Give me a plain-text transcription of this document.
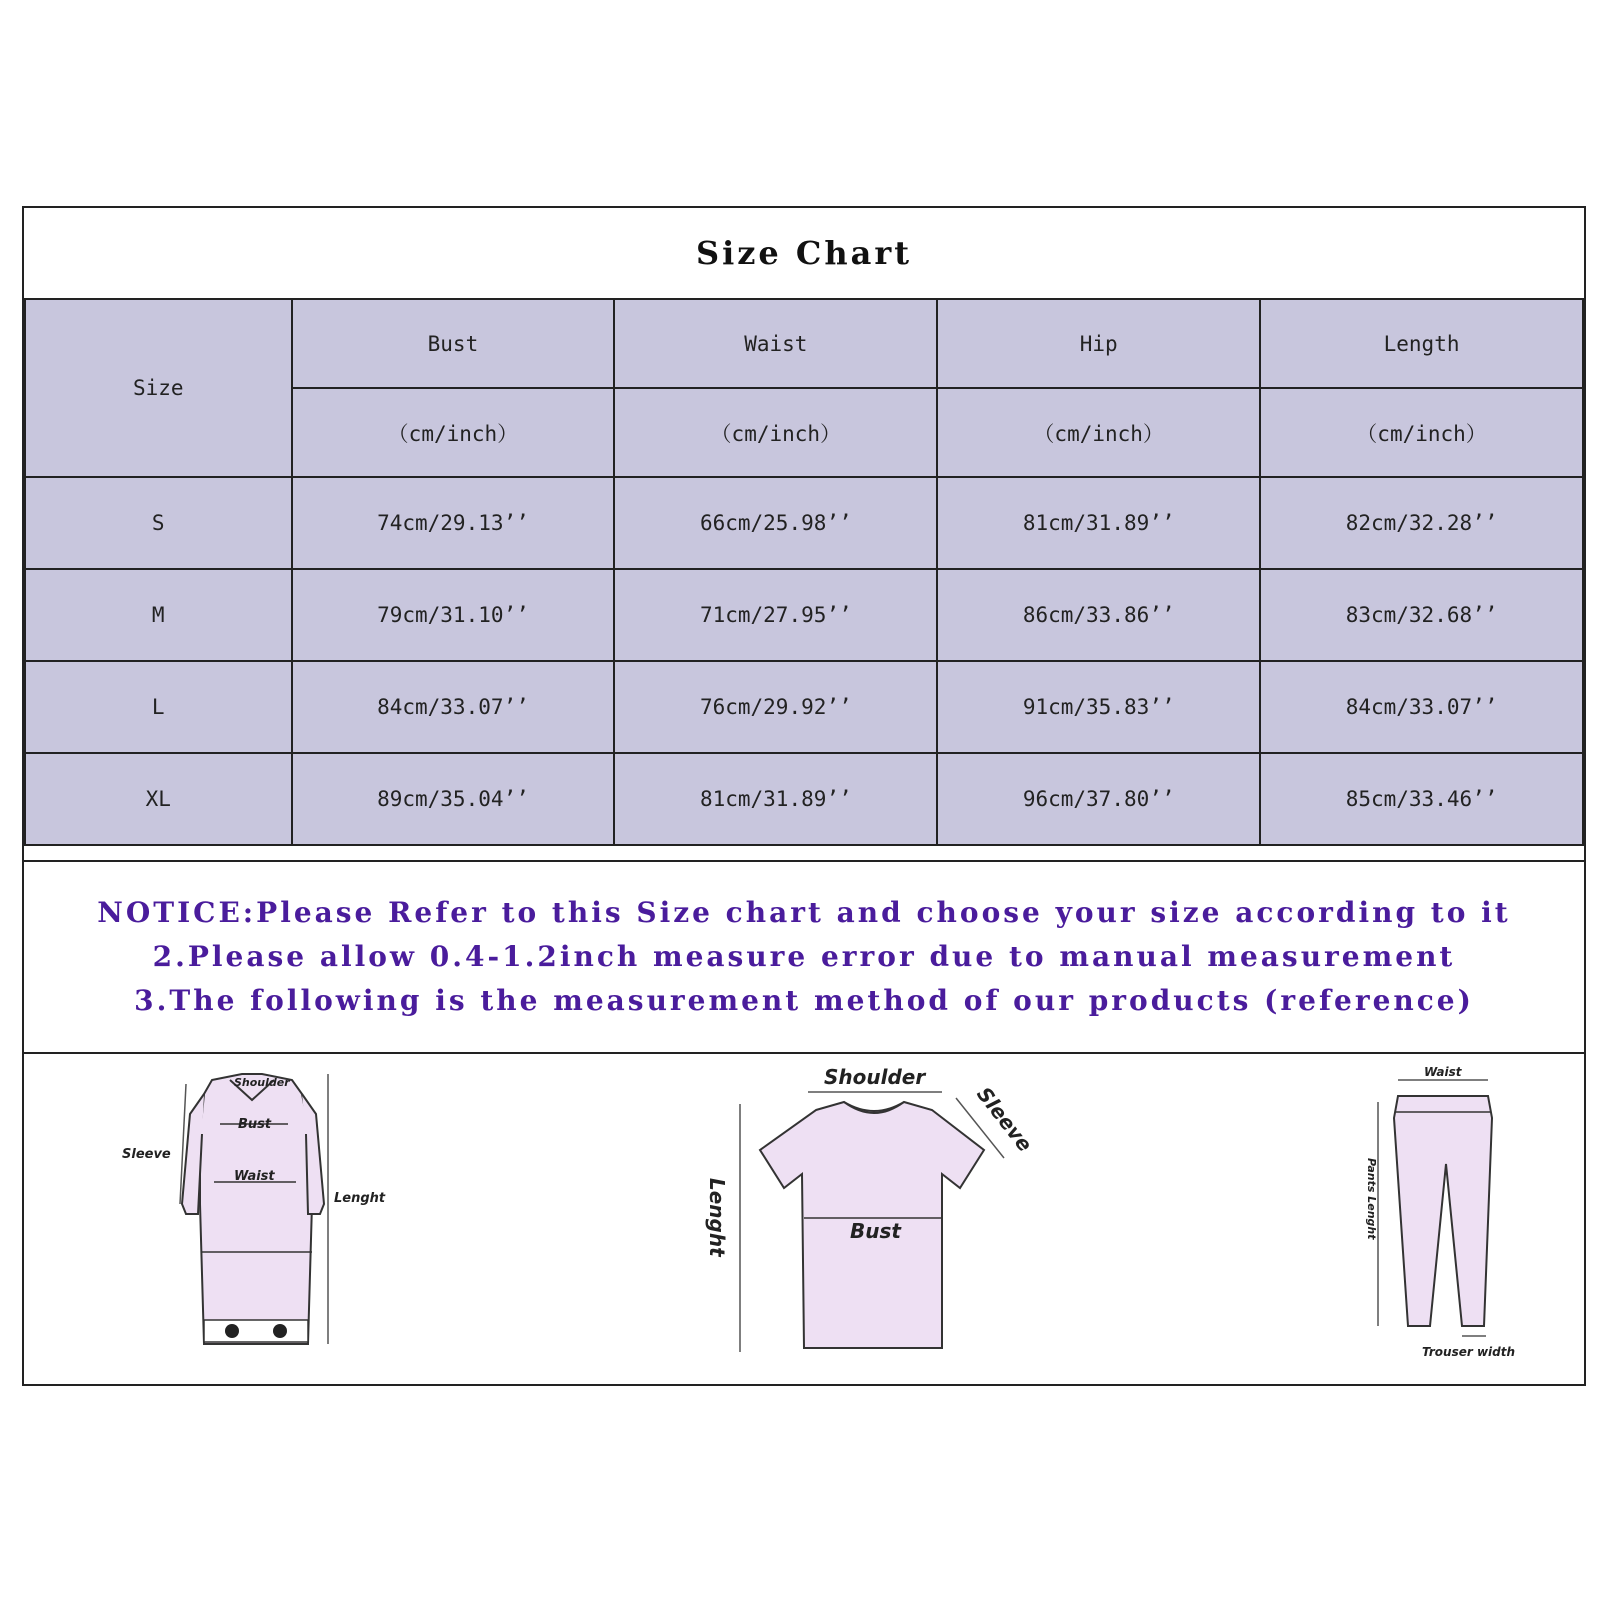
Size Chart
Size	Bust	Waist	Hip	Length
	（cm/inch）	（cm/inch）	（cm/inch）	（cm/inch）
S	74cm/29.13’’	66cm/25.98’’	81cm/31.89’’	82cm/32.28’’
M	79cm/31.10’’	71cm/27.95’’	86cm/33.86’’	83cm/32.68’’
L	84cm/33.07’’	76cm/29.92’’	91cm/35.83’’	84cm/33.07’’
XL	89cm/35.04’’	81cm/31.89’’	96cm/37.80’’	85cm/33.46’’
NOTICE:Please Refer to this Size chart and choose your size according to it
2.Please allow 0.4-1.2inch measure error due to manual measurement
3.The following is the measurement method of our products (reference)
Shoulder
Bust
Sleeve
Waist
Lenght
Shoulder
Bust
Lenght
Sleeve
Waist
Pants Lenght
Trouser width
